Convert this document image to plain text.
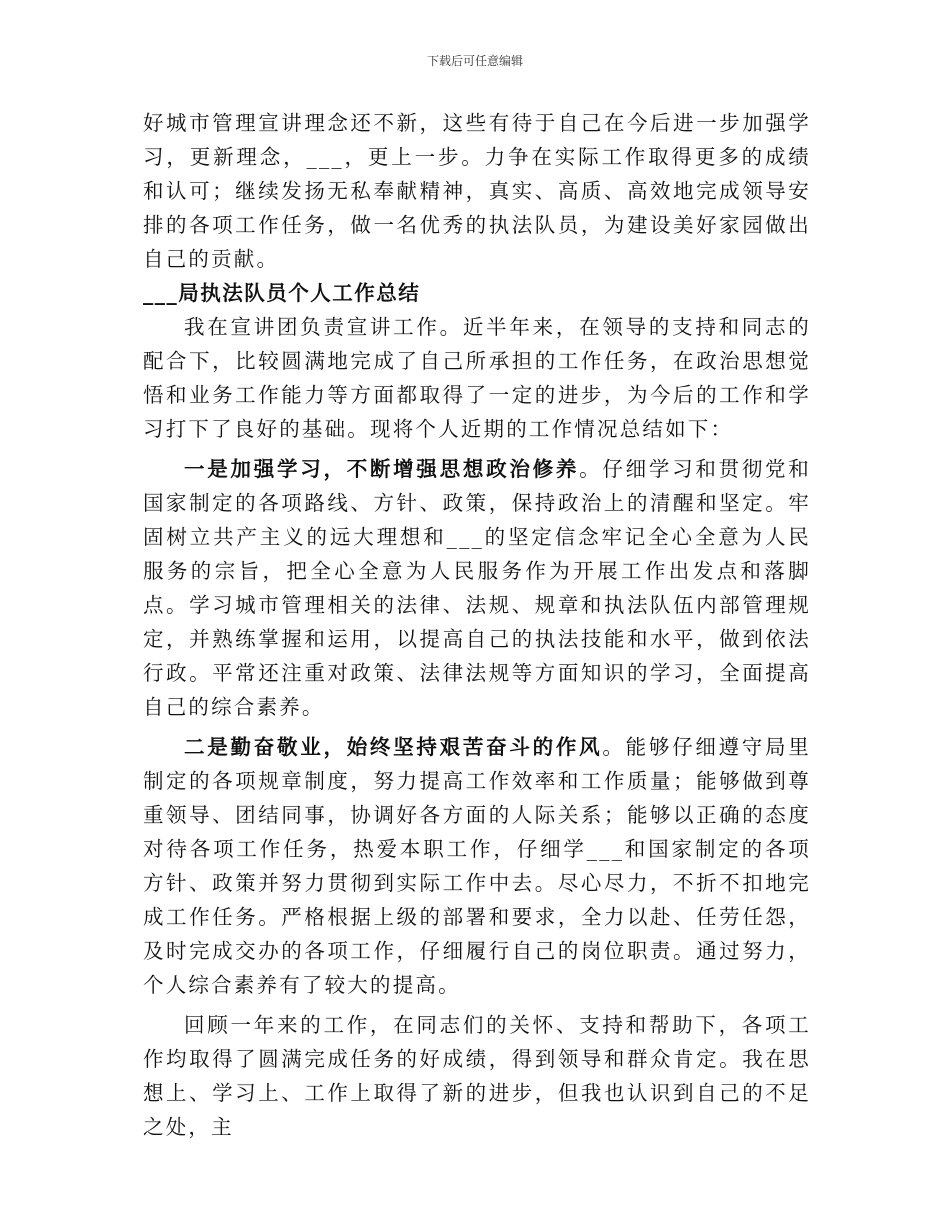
下载后可任意编辑

好城市管理宣讲理念还不新，这些有待于自己在今后进一步加强学习，更新理念，___，更上一步。力争在实际工作取得更多的成绩和认可；继续发扬无私奉献精神，真实、高质、高效地完成领导安排的各项工作任务，做一名优秀的执法队员，为建设美好家园做出自己的贡献。

___局执法队员个人工作总结

我在宣讲团负责宣讲工作。近半年来，在领导的支持和同志的配合下，比较圆满地完成了自己所承担的工作任务，在政治思想觉悟和业务工作能力等方面都取得了一定的进步，为今后的工作和学习打下了良好的基础。现将个人近期的工作情况总结如下：

一是加强学习，不断增强思想政治修养。仔细学习和贯彻党和国家制定的各项路线、方针、政策，保持政治上的清醒和坚定。牢固树立共产主义的远大理想和___的坚定信念牢记全心全意为人民服务的宗旨，把全心全意为人民服务作为开展工作出发点和落脚点。学习城市管理相关的法律、法规、规章和执法队伍内部管理规定，并熟练掌握和运用，以提高自己的执法技能和水平，做到依法行政。平常还注重对政策、法律法规等方面知识的学习，全面提高自己的综合素养。

二是勤奋敬业，始终坚持艰苦奋斗的作风。能够仔细遵守局里制定的各项规章制度，努力提高工作效率和工作质量；能够做到尊重领导、团结同事，协调好各方面的人际关系；能够以正确的态度对待各项工作任务，热爱本职工作，仔细学___和国家制定的各项方针、政策并努力贯彻到实际工作中去。尽心尽力，不折不扣地完成工作任务。严格根据上级的部署和要求，全力以赴、任劳任怨，及时完成交办的各项工作，仔细履行自己的岗位职责。通过努力，个人综合素养有了较大的提高。

回顾一年来的工作，在同志们的关怀、支持和帮助下，各项工作均取得了圆满完成任务的好成绩，得到领导和群众肯定。我在思想上、学习上、工作上取得了新的进步，但我也认识到自己的不足之处，主
